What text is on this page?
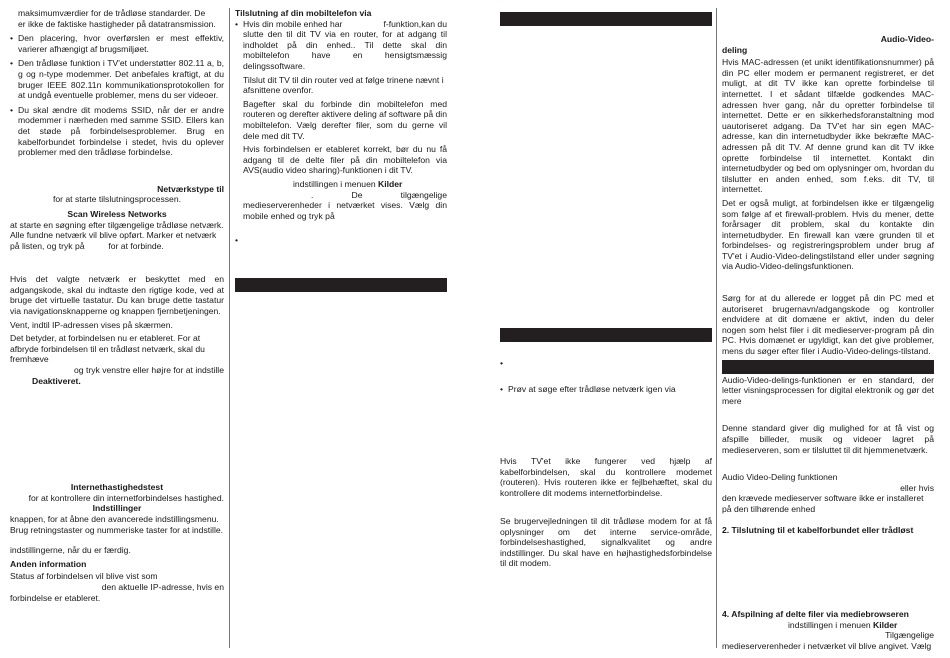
maksimumværdier for de trådløse standarder. De

er ikke de faktiske hastigheder på datatransmission.

• Den placering, hvor overførslen er mest effektiv, varierer afhængigt af brugsmiljøet.

• Den trådløse funktion i TV'et understøtter 802.11 a, b, g og n-type modemmer. Det anbefales kraftigt, at du bruger IEEE 802.11n kommunikationsprotokollen for at undgå eventuelle problemer, mens du ser videoer.

• Du skal ændre dit modems SSID, når der er andre modemmer i nærheden med samme SSID. Ellers kan det støde på forbindelsesproblemer. Brug en kabelforbundet forbindelse i stedet, hvis du oplever problemer med den trådløse forbindelse.

Netværkstype til

for at starte tilslutningsprocessen.

Scan Wireless Networks

at starte en søgning efter tilgængelige trådløse netværk.

Alle fundne netværk vil blive opført. Marker et netværk

på listen, og tryk på          for at forbinde.

Hvis det valgte netværk er beskyttet med en adgangskode, skal du indtaste den rigtige kode, ved at bruge det virtuelle tastatur. Du kan bruge dette tastatur via navigationsknapperne og knappen fjernbetjeningen.

Vent, indtil IP-adressen vises på skærmen.

Det betyder, at forbindelsen nu er etableret. For at afbryde forbindelsen til en trådløst netværk, skal du fremhæve

og tryk venstre eller højre for at indstille

Deaktiveret.

Internethastighedstest

for at kontrollere din internetforbindelses hastighed.

Indstillinger

knappen, for at åbne den avancerede indstillingsmenu. Brug retningstaster og nummeriske taster for at indstille.

indstillingerne, når du er færdig.

Anden information

Status af forbindelsen vil blive vist som

den aktuelle IP-adresse, hvis en

forbindelse er etableret.

Tilslutning af din mobiltelefon via

• Hvis din mobile enhed har	f-funktion,kan du

slutte den til dit TV via en router, for at adgang til indholdet på din enhed.. Til dette skal din mobiltelefon have en hensigtsmæssig delingssoftware.

Tilslut dit TV til din router ved at følge trinene nævnt i afsnittene ovenfor.

Bagefter skal du forbinde din mobiltelefon med routeren og derefter aktivere deling af software på din mobiltelefon. Vælg derefter filer, som du gerne vil dele med dit TV.

Hvis forbindelsen er etableret korrekt, bør du nu få adgang til de delte filer på din mobiltelefon via AVS(audio video sharing)-funktionen i dit TV.

indstillingen i menuen Kilder

. De tilgængelige medieserverenheder i netværket vises. Vælg din mobile enhed og tryk på

•

•

• Prøv at søge efter trådløse netværk igen via

Hvis TV'et ikke fungerer ved hjælp af kabelforbindelsen, skal du kontrollere modemet (routeren). Hvis routeren ikke er fejlbehæftet, skal du kontrollere dit modems internetforbindelse.

Se brugervejledningen til dit trådløse modem for at få oplysninger om det interne service-område, forbindelseshastighed, signalkvalitet og andre indstillinger. Du skal have en højhastighedsforbindelse til dit modem.

Audio-Video-

deling

Hvis MAC-adressen (et unikt identifikationsnummer) på din PC eller modem er permanent registreret, er det muligt, at dit TV ikke kan oprette forbindelse til internettet. I et sådant tilfælde godkendes MAC-adressen hver gang, når du opretter forbindelse til internettet. Dette er en sikkerhedsforanstaltning mod uautoriseret adgang. Da TV'et har sin egen MAC-adresse, kan din internetudbyder ikke bekræfte MAC-adressen på dit TV. Af denne grund kan dit TV ikke oprette forbindelse til internettet. Kontakt din internetudbyder og bed om oplysninger om, hvordan du tilslutter en anden enhed, som f.eks. dit TV, til internettet.

Det er også muligt, at forbindelsen ikke er tilgængelig som følge af et firewall-problem. Hvis du mener, dette forårsager dit problem, skal du kontakte din internetudbyder. En firewall kan være grunden til et forbindelses- og registreringsproblem under brug af TV'et i Audio-Video-delingstilstand eller under søgning via Audio-Video-delingsfunktionen.

Sørg for at du allerede er logget på din PC med et autoriseret brugernavn/adgangskode og kontroller endvidere at dit domæne er aktivt, inden du deler nogen som helst filer i dit medieserver-program på din PC. Hvis domænet er ugyldigt, kan det give problemer, mens du søger efter filer i Audio-Video-delings-tilstand.

Audio-Video-delings-funktionen er en standard, der letter visningsprocessen for digital elektronik og gør det mere

Denne standard giver dig mulighed for at få vist og afspille billeder, musik og videoer lagret på medieserveren, som er tilsluttet til dit hjemmenetværk.

Audio Video-Deling funktionen

eller hvis

den krævede medieserver software ikke er installeret på den tilhørende enhed

2. Tilslutning til et kabelforbundet eller trådløst

4. Afspilning af delte filer via mediebrowseren

indstillingen i menuen Kilder

Tilgængelige

medieserverenheder i netværket vil blive angivet. Vælg
